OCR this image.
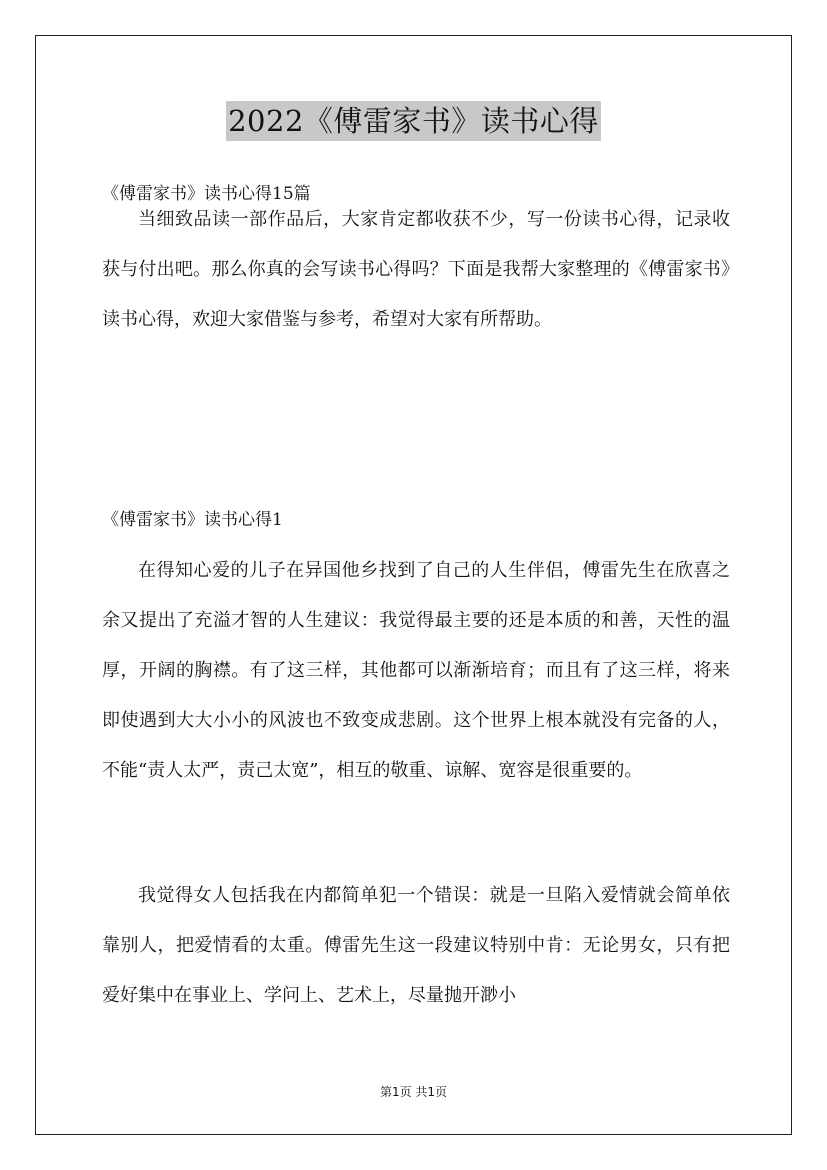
2022《傅雷家书》读书心得

《傅雷家书》读书心得15篇

当细致品读一部作品后，大家肯定都收获不少，写一份读书心得，记录收获与付出吧。那么你真的会写读书心得吗？下面是我帮大家整理的《傅雷家书》读书心得，欢迎大家借鉴与参考，希望对大家有所帮助。

《傅雷家书》读书心得1

在得知心爱的儿子在异国他乡找到了自己的人生伴侣，傅雷先生在欣喜之余又提出了充溢才智的人生建议：我觉得最主要的还是本质的和善，天性的温厚，开阔的胸襟。有了这三样，其他都可以渐渐培育；而且有了这三样，将来即使遇到大大小小的风波也不致变成悲剧。这个世界上根本就没有完备的人，不能“责人太严，责己太宽”，相互的敬重、谅解、宽容是很重要的。

我觉得女人包括我在内都简单犯一个错误：就是一旦陷入爱情就会简单依靠别人，把爱情看的太重。傅雷先生这一段建议特别中肯：无论男女，只有把爱好集中在事业上、学问上、艺术上，尽量抛开渺小

第1页 共1页
